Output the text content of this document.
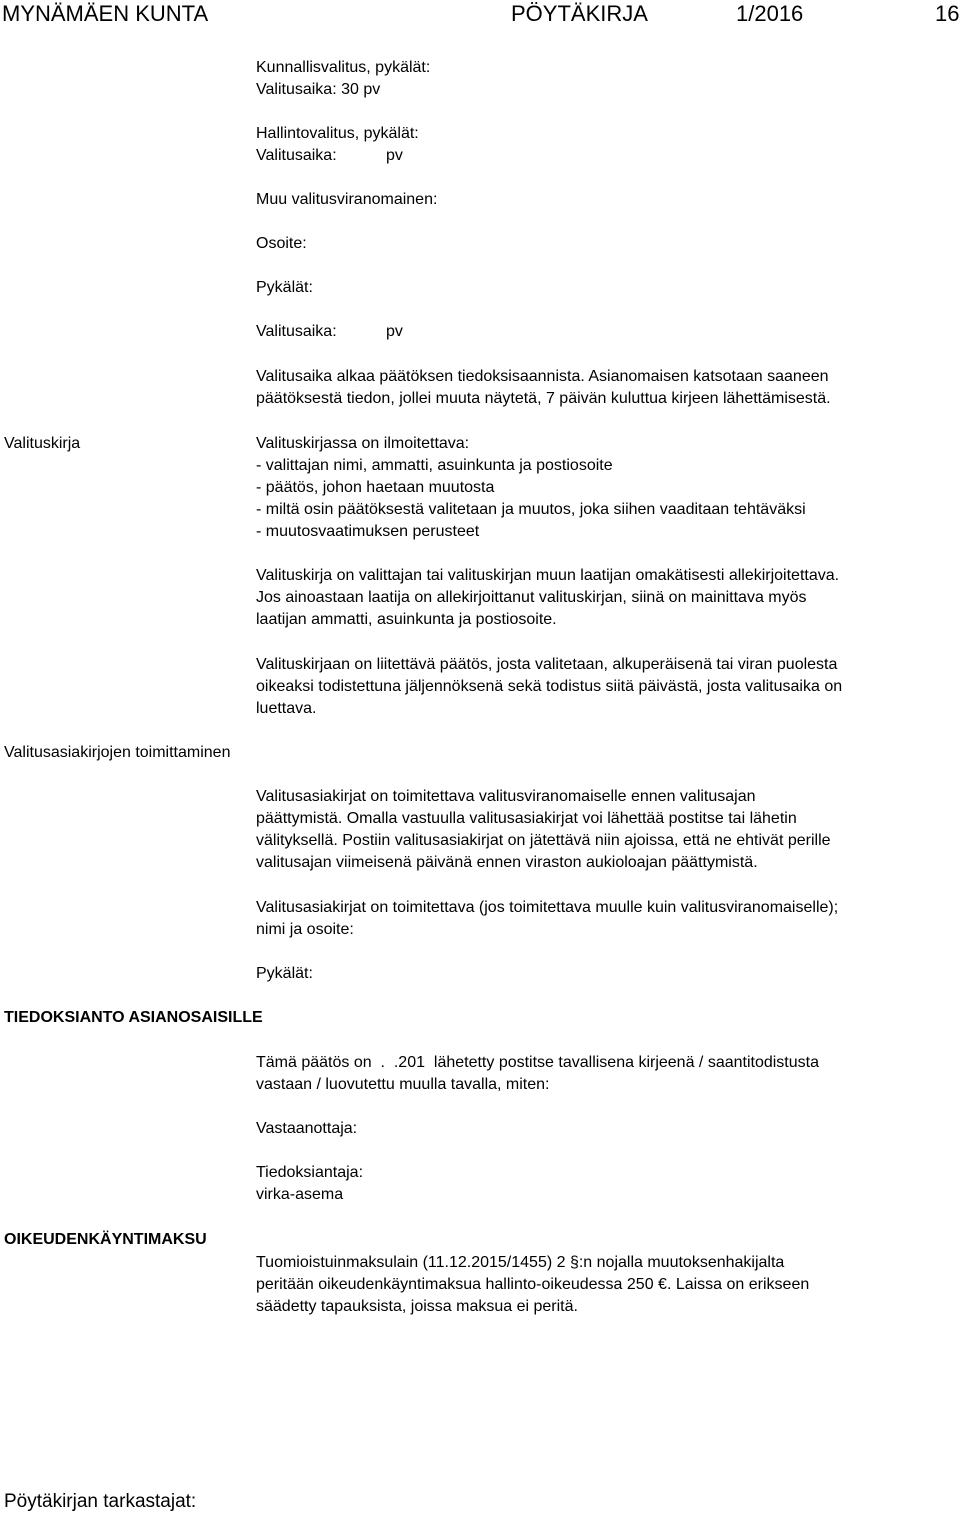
MYNÄMÄEN KUNTA	PÖYTÄKIRJA	1/2016	16
Kunnallisvalitus, pykälät:
Valitusaika: 30 pv
Hallintovalitus, pykälät:
Valitusaika:	pv
Muu valitusviranomainen:
Osoite:
Pykälät:
Valitusaika:	pv
Valitusaika alkaa päätöksen tiedoksisaannista. Asianomaisen katsotaan saaneen
päätöksestä tiedon, jollei muuta näytetä, 7 päivän kuluttua kirjeen lähettämisestä.
Valituskirja	Valituskirjassa on ilmoitettava:
- valittajan nimi, ammatti, asuinkunta ja postiosoite
- päätös, johon haetaan muutosta
- miltä osin päätöksestä valitetaan ja muutos, joka siihen vaaditaan tehtäväksi
- muutosvaatimuksen perusteet
Valituskirja on valittajan tai valituskirjan muun laatijan omakätisesti allekirjoitettava.
Jos ainoastaan laatija on allekirjoittanut valituskirjan, siinä on mainittava myös
laatijan ammatti, asuinkunta ja postiosoite.
Valituskirjaan on liitettävä päätös, josta valitetaan, alkuperäisenä tai viran puolesta
oikeaksi todistettuna jäljennöksenä sekä todistus siitä päivästä, josta valitusaika on
luettava.
Valitusasiakirjojen toimittaminen
Valitusasiakirjat on toimitettava valitusviranomaiselle ennen valitusajan
päättymistä. Omalla vastuulla valitusasiakirjat voi lähettää postitse tai lähetin
välityksellä. Postiin valitusasiakirjat on jätettävä niin ajoissa, että ne ehtivät perille
valitusajan viimeisenä päivänä ennen viraston aukioloajan päättymistä.
Valitusasiakirjat on toimitettava (jos toimitettava muulle kuin valitusviranomaiselle);
nimi ja osoite:
Pykälät:
TIEDOKSIANTO ASIANOSAISILLE
Tämä päätös on  .  .201  lähetetty postitse tavallisena kirjeenä / saantitodistusta
vastaan / luovutettu muulla tavalla, miten:
Vastaanottaja:
Tiedoksiantaja:
virka-asema
OIKEUDENKÄYNTIMAKSU
Tuomioistuinmaksulain (11.12.2015/1455) 2 §:n nojalla muutoksenhakijalta
peritään oikeudenkäyntimaksua hallinto-oikeudessa 250 €. Laissa on erikseen
säädetty tapauksista, joissa maksua ei peritä.
Pöytäkirjan tarkastajat:
